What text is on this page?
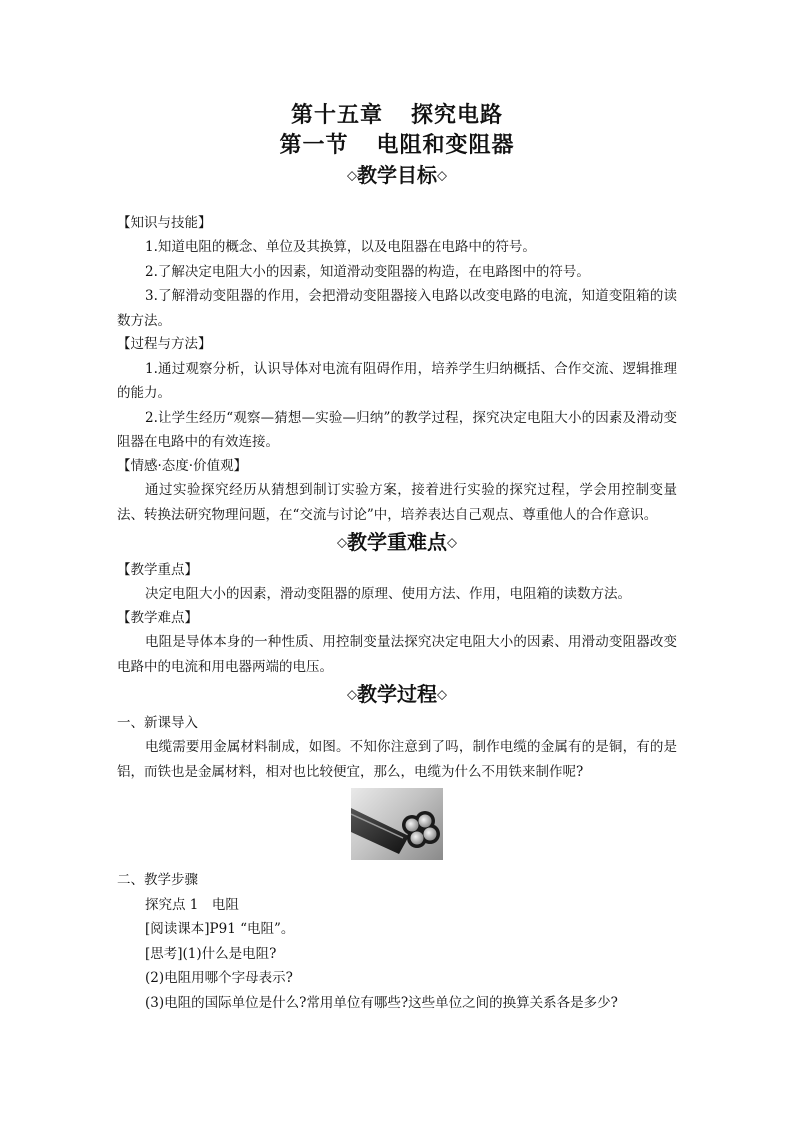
第十五章 探究电路

第一节 电阻和变阻器

◇教学目标◇

【知识与技能】

1.知道电阻的概念、单位及其换算，以及电阻器在电路中的符号。

2.了解决定电阻大小的因素，知道滑动变阻器的构造，在电路图中的符号。

3.了解滑动变阻器的作用，会把滑动变阻器接入电路以改变电路的电流，知道变阻箱的读数方法。

【过程与方法】

1.通过观察分析，认识导体对电流有阻碍作用，培养学生归纳概括、合作交流、逻辑推理的能力。

2.让学生经历“观察—猜想—实验—归纳”的教学过程，探究决定电阻大小的因素及滑动变阻器在电路中的有效连接。

【情感·态度·价值观】

通过实验探究经历从猜想到制订实验方案，接着进行实验的探究过程，学会用控制变量法、转换法研究物理问题，在“交流与讨论”中，培养表达自己观点、尊重他人的合作意识。

◇教学重难点◇

【教学重点】

决定电阻大小的因素，滑动变阻器的原理、使用方法、作用，电阻箱的读数方法。

【教学难点】

电阻是导体本身的一种性质、用控制变量法探究决定电阻大小的因素、用滑动变阻器改变电路中的电流和用电器两端的电压。

◇教学过程◇

一、新课导入

电缆需要用金属材料制成，如图。不知你注意到了吗，制作电缆的金属有的是铜，有的是铝，而铁也是金属材料，相对也比较便宜，那么，电缆为什么不用铁来制作呢?

二、教学步骤

探究点 1　电阻

[阅读课本]P91 “电阻”。

[思考](1)什么是电阻?

(2)电阻用哪个字母表示?

(3)电阻的国际单位是什么?常用单位有哪些?这些单位之间的换算关系各是多少?
